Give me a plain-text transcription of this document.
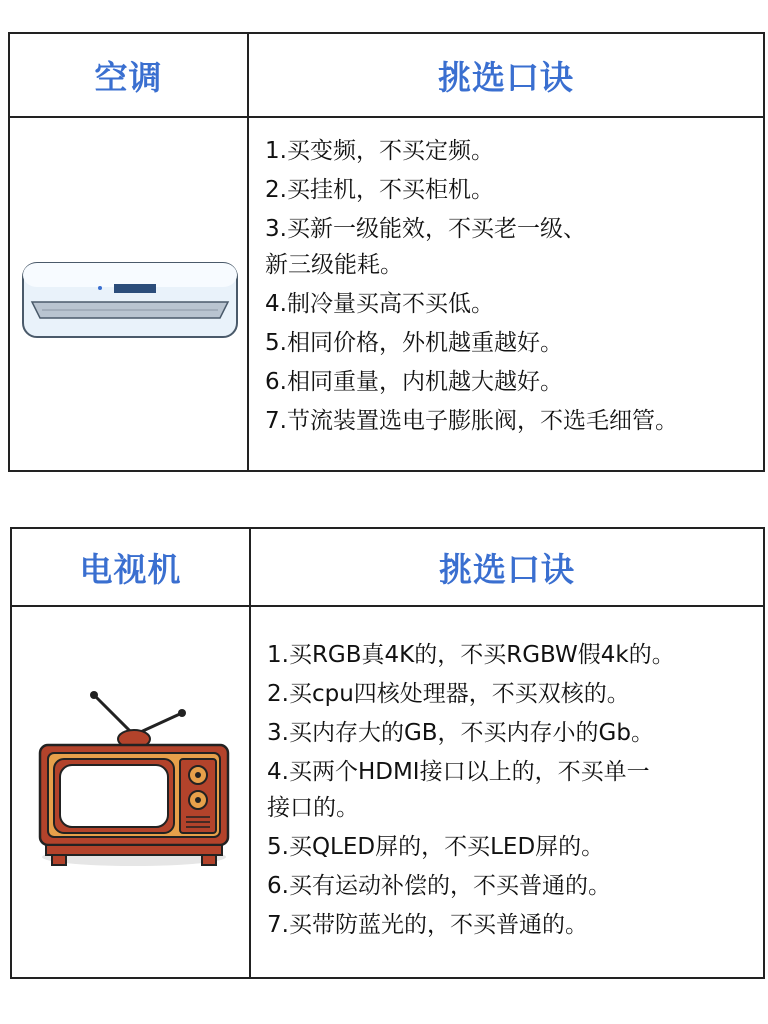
空调	挑选口诀
1.买变频，不买定频。
2.买挂机，不买柜机。
3.买新一级能效，不买老一级、
新三级能耗。
4.制冷量买高不买低。
5.相同价格，外机越重越好。
6.相同重量，内机越大越好。
7.节流装置选电子膨胀阀，不选毛细管。
电视机	挑选口诀
1.买RGB真4K的，不买RGBW假4k的。
2.买cpu四核处理器，不买双核的。
3.买内存大的GB，不买内存小的Gb。
4.买两个HDMI接口以上的，不买单一
接口的。
5.买QLED屏的，不买LED屏的。
6.买有运动补偿的，不买普通的。
7.买带防蓝光的，不买普通的。
